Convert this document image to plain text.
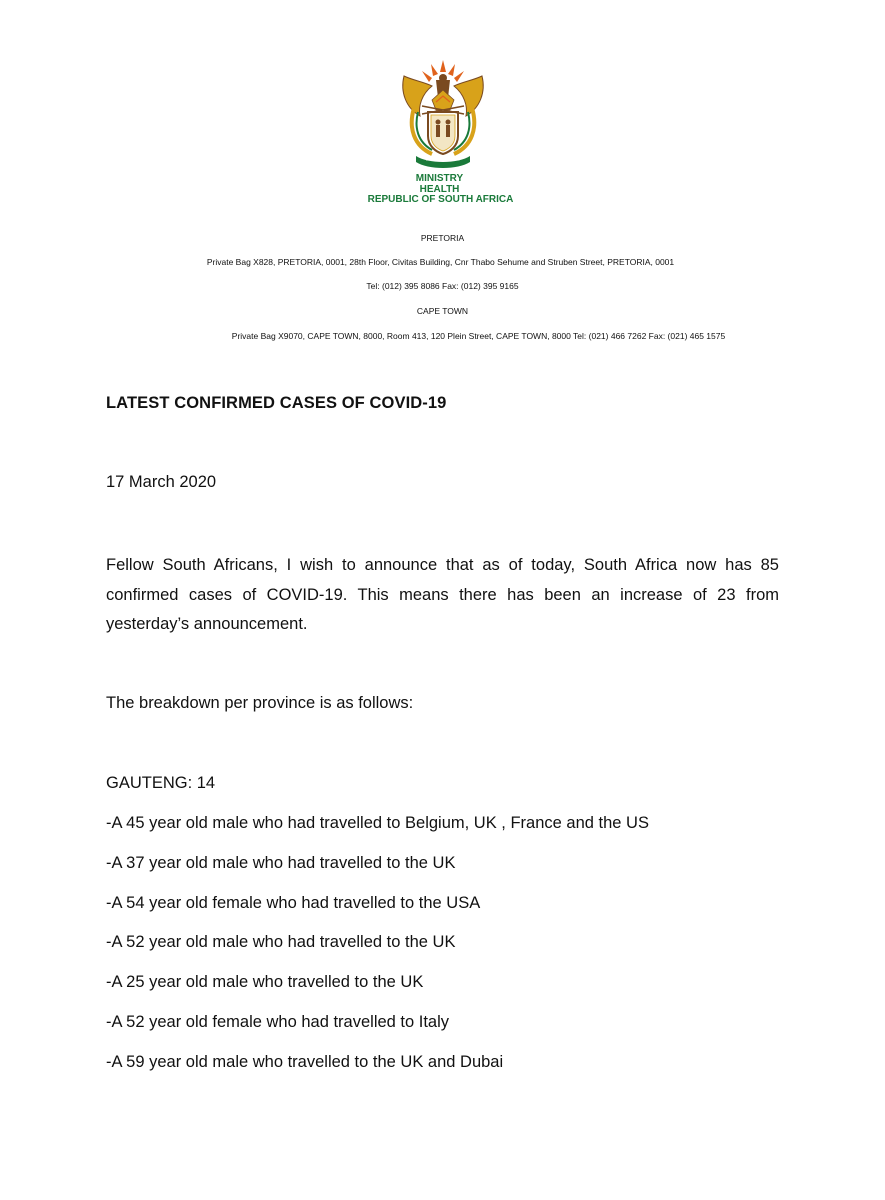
MINISTRY
HEALTH
REPUBLIC OF SOUTH AFRICA
PRETORIA
Private Bag X828, PRETORIA, 0001, 28th Floor, Civitas Building, Cnr Thabo Sehume and Struben Street, PRETORIA, 0001
Tel: (012) 395 8086 Fax: (012) 395 9165
CAPE TOWN
Private Bag X9070, CAPE TOWN, 8000, Room 413, 120 Plein Street, CAPE TOWN, 8000 Tel: (021) 466 7262 Fax: (021) 465 1575
LATEST CONFIRMED CASES OF COVID-19
17 March 2020
Fellow South Africans, I wish to announce that as of today, South Africa now has 85
confirmed cases of COVID-19. This means there has been an increase of 23 from
yesterday’s announcement.
The breakdown per province is as follows:
GAUTENG: 14
-A 45 year old male who had travelled to Belgium, UK , France and the US
-A 37 year old male who had travelled to the UK
-A 54 year old female who had travelled to the USA
-A 52 year old male who had travelled to the UK
-A 25 year old male who travelled to the UK
-A 52 year old female who had travelled to Italy
-A 59 year old male who travelled to the UK and Dubai
